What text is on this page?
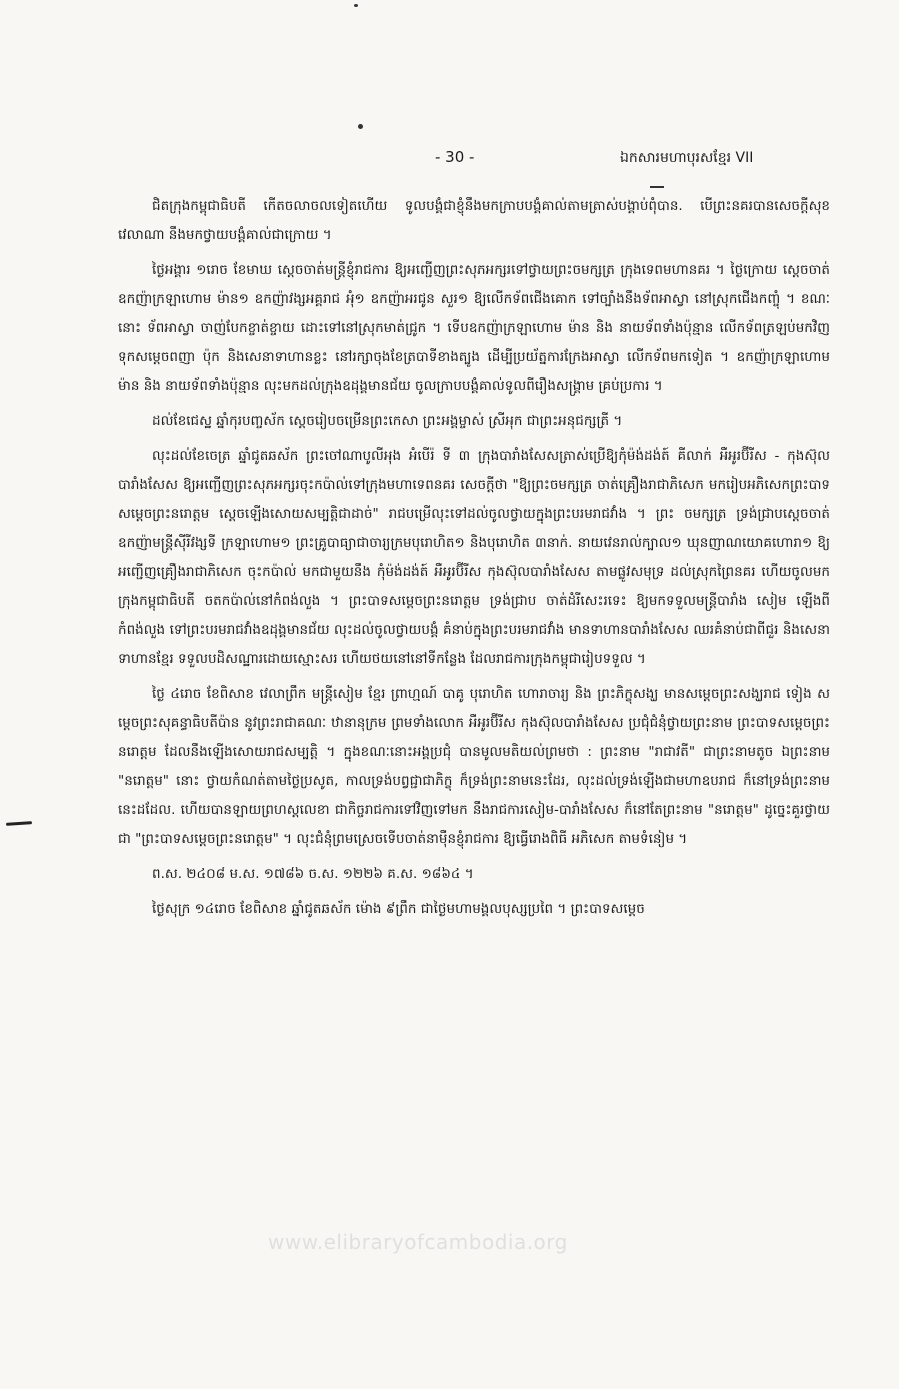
- 30 -	ឯកសារមហាបុរសខ្មែរ VII

ជិតក្រុងកម្ពុជាធិបតី កើតចលាចលទៀតហើយ ទូលបង្គំជាខ្ញុំនឹងមកក្រាបបង្គំគាល់តាមត្រាស់បង្គាប់ពុំបាន. បើព្រះនគរបានសេចក្តីសុខវេលាណា នឹងមកថ្វាយបង្គំគាល់ជាក្រោយ ។

ថ្ងៃអង្គារ ១រោច ខែមាឃ ស្តេចចាត់មន្ត្រីខ្ញុំរាជការ ឱ្យអញ្ជើញព្រះសុភអក្សរទៅថ្វាយព្រះចមក្សត្រ ក្រុងទេពមហានគរ ។ ថ្ងៃក្រោយ ស្តេចចាត់ឧកញ៉ាក្រឡាហោម ម៉ាន១ ឧកញ៉ាវង្សអគ្គរាជ អុំ១ ឧកញ៉ាអរជូន សួរ១ ឱ្យលើកទ័ពជើងគោក ទៅច្បាំងនឹងទ័ពអាស្វា នៅស្រុកជើងកញ្ចុំ ។ ខណៈនោះ ទ័ពអាស្វា ចាញ់បែកខ្ចាត់ខ្ចាយ ដោះទៅនៅស្រុកមាត់ជ្រូក ។ ទើបឧកញ៉ាក្រឡាហោម ម៉ាន និង នាយទ័ពទាំងប៉ុន្មាន លើកទ័ពត្រឡប់មកវិញ ទុកសម្តេចពញា ប៉ុក និងសេនាទាហានខ្លះ នៅរក្សាចុងខែត្របាទីខាងត្បូង ដើម្បីប្រយ័ត្នការក្រែងអាស្វា លើកទ័ពមកទៀត ។ ឧកញ៉ាក្រឡាហោម ម៉ាន និង នាយទ័ពទាំងប៉ុន្មាន លុះមកដល់ក្រុងឧដុង្គមានជ័យ ចូលក្រាបបង្គំគាល់ទូលពីរឿងសង្គ្រាម គ្រប់ប្រការ ។

ដល់ខែជេស្ឋ ឆ្នាំកុរបញ្ចស័ក ស្តេចរៀបចម្រើនព្រះកេសា ព្រះអង្គម្ចាស់ ស្រីអុក ជាព្រះអនុជក្សត្រី ។

លុះដល់ខែចេត្រ ឆ្នាំជូតឆស័ក ព្រះចៅណាបូលីអុង អំបើរ៉ ទី ៣ ក្រុងបារាំងសែសត្រាស់ប្រើឱ្យកុំម៉ង់ដង់ត៍ គីលាក់ អឺអូរប៊ីរីស - កុងស៊ុលបារាំងសែស ឱ្យអញ្ជើញព្រះសុភអក្សរចុះកប៉ាល់ទៅក្រុងមហាទេពនគរ សេចក្តីថា "ឱ្យព្រះចមក្សត្រ ចាត់គ្រឿងរាជាភិសេក មករៀបអភិសេកព្រះបាទសម្តេចព្រះនរោត្តម ស្តេចឡើងសោយសម្បត្តិជាដាច់" រាជបម្រើលុះទៅដល់ចូលថ្វាយក្នុងព្រះបរមរាជវាំង ។ ព្រះ ចមក្សត្រ ទ្រង់ជ្រាបស្តេចចាត់ឧកញ៉ាមន្ត្រីស៊ីរីវង្សទី ក្រឡាហោម១ ព្រះគ្រូបាធ្យាជាចារ្យក្រមបុរោហិត១ និងបុរោហិត ៣នាក់. នាយវេនរាល់ក្បាល១ ឃុនញាណយោគហោរា១ ឱ្យអញ្ជើញគ្រឿងរាជាភិសេក ចុះកប៉ាល់ មកជាមួយនឹង កុំម៉ង់ដង់ត៍ អឺអូរប៊ីរីស កុងស៊ុលបារាំងសែស តាមផ្លូវសមុទ្រ ដល់ស្រុកព្រៃនគរ ហើយចូលមកក្រុងកម្ពុជាធិបតី ចតកប៉ាល់នៅកំពង់លួង ។ ព្រះបាទសម្តេចព្រះនរោត្តម ទ្រង់ជ្រាប ចាត់ដំរីសេះរទេះ ឱ្យមកទទួលមន្ត្រីបារាំង សៀម ឡើងពីកំពង់លួង ទៅព្រះបរមរាជវាំងឧដុង្គមានជ័យ លុះដល់ចូលថ្វាយបង្គំ គំនាប់ក្នុងព្រះបរមរាជវាំង មានទាហានបារាំងសែស ឈរគំនាប់ជាពីជួរ និងសេនាទាហានខ្មែរ ទទួលបដិសណ្ឋារដោយស្មោះសរ ហើយថយនៅនៅទីកន្លែង ដែលរាជការក្រុងកម្ពុជារៀបទទួល ។

ថ្ងៃ ៤រោច ខែពិសាខ វេលាព្រឹក មន្ត្រីសៀម ខ្មែរ ព្រាហ្មណ៍ បាគូ បុរោហិត ហោរាចារ្យ និង ព្រះភិក្ខុសង្ឃ មានសម្តេចព្រះសង្ឃរាជ ទៀង សម្តេចព្រះសុគន្ធាធិបតីប៉ាន នូវព្រះរាជាគណៈ ឋានានុក្រម ព្រមទាំងលោក អឺអូរប៊ីរីស កុងស៊ុលបារាំងសែស ប្រជុំជំនុំថ្វាយព្រះនាម ព្រះបាទសម្តេចព្រះនរោត្តម ដែលនឹងឡើងសោយរាជសម្បត្តិ ។ ក្នុងខណៈនោះអង្គប្រជុំ បានមូលមតិយល់ព្រមថា : ព្រះនាម "រាជាវតី" ជាព្រះនាមតូច ឯព្រះនាម "នរោត្តម" នោះ ថ្វាយកំណត់តាមថ្ងៃប្រសូត, កាលទ្រង់បព្វជ្ជាជាភិក្ខុ ក៏ទ្រង់ព្រះនាមនេះដែរ, លុះដល់ទ្រង់ឡើងជាមហាឧបរាជ ក៏នៅទ្រង់ព្រះនាមនេះដដែល. ហើយបានឡាយព្រហស្តលេខា ជាកិច្ចរាជការទៅវិញទៅមក នឹងរាជការសៀម-បារាំងសែស ក៏នៅតែព្រះនាម "នរោត្តម" ដូច្នេះគួរថ្វាយជា "ព្រះបាទសម្តេចព្រះនរោត្តម" ។ លុះជំនុំព្រមស្រេចទើបចាត់នាម៉ឺនខ្ញុំរាជការ ឱ្យធ្វើរោងពិធី អភិសេក តាមទំនៀម ។

ព.ស. ២៤០៨ ម.ស. ១៧៨៦ ច.ស. ១២២៦ គ.ស. ១៨៦៤ ។

ថ្ងៃសុក្រ ១៤រោច ខែពិសាខ ឆ្នាំជូតឆស័ក ម៉ោង ៩ព្រឹក ជាថ្ងៃមហាមង្គលបុស្សប្រពៃ ។ ព្រះបាទសម្តេច

www.elibraryofcambodia.org
